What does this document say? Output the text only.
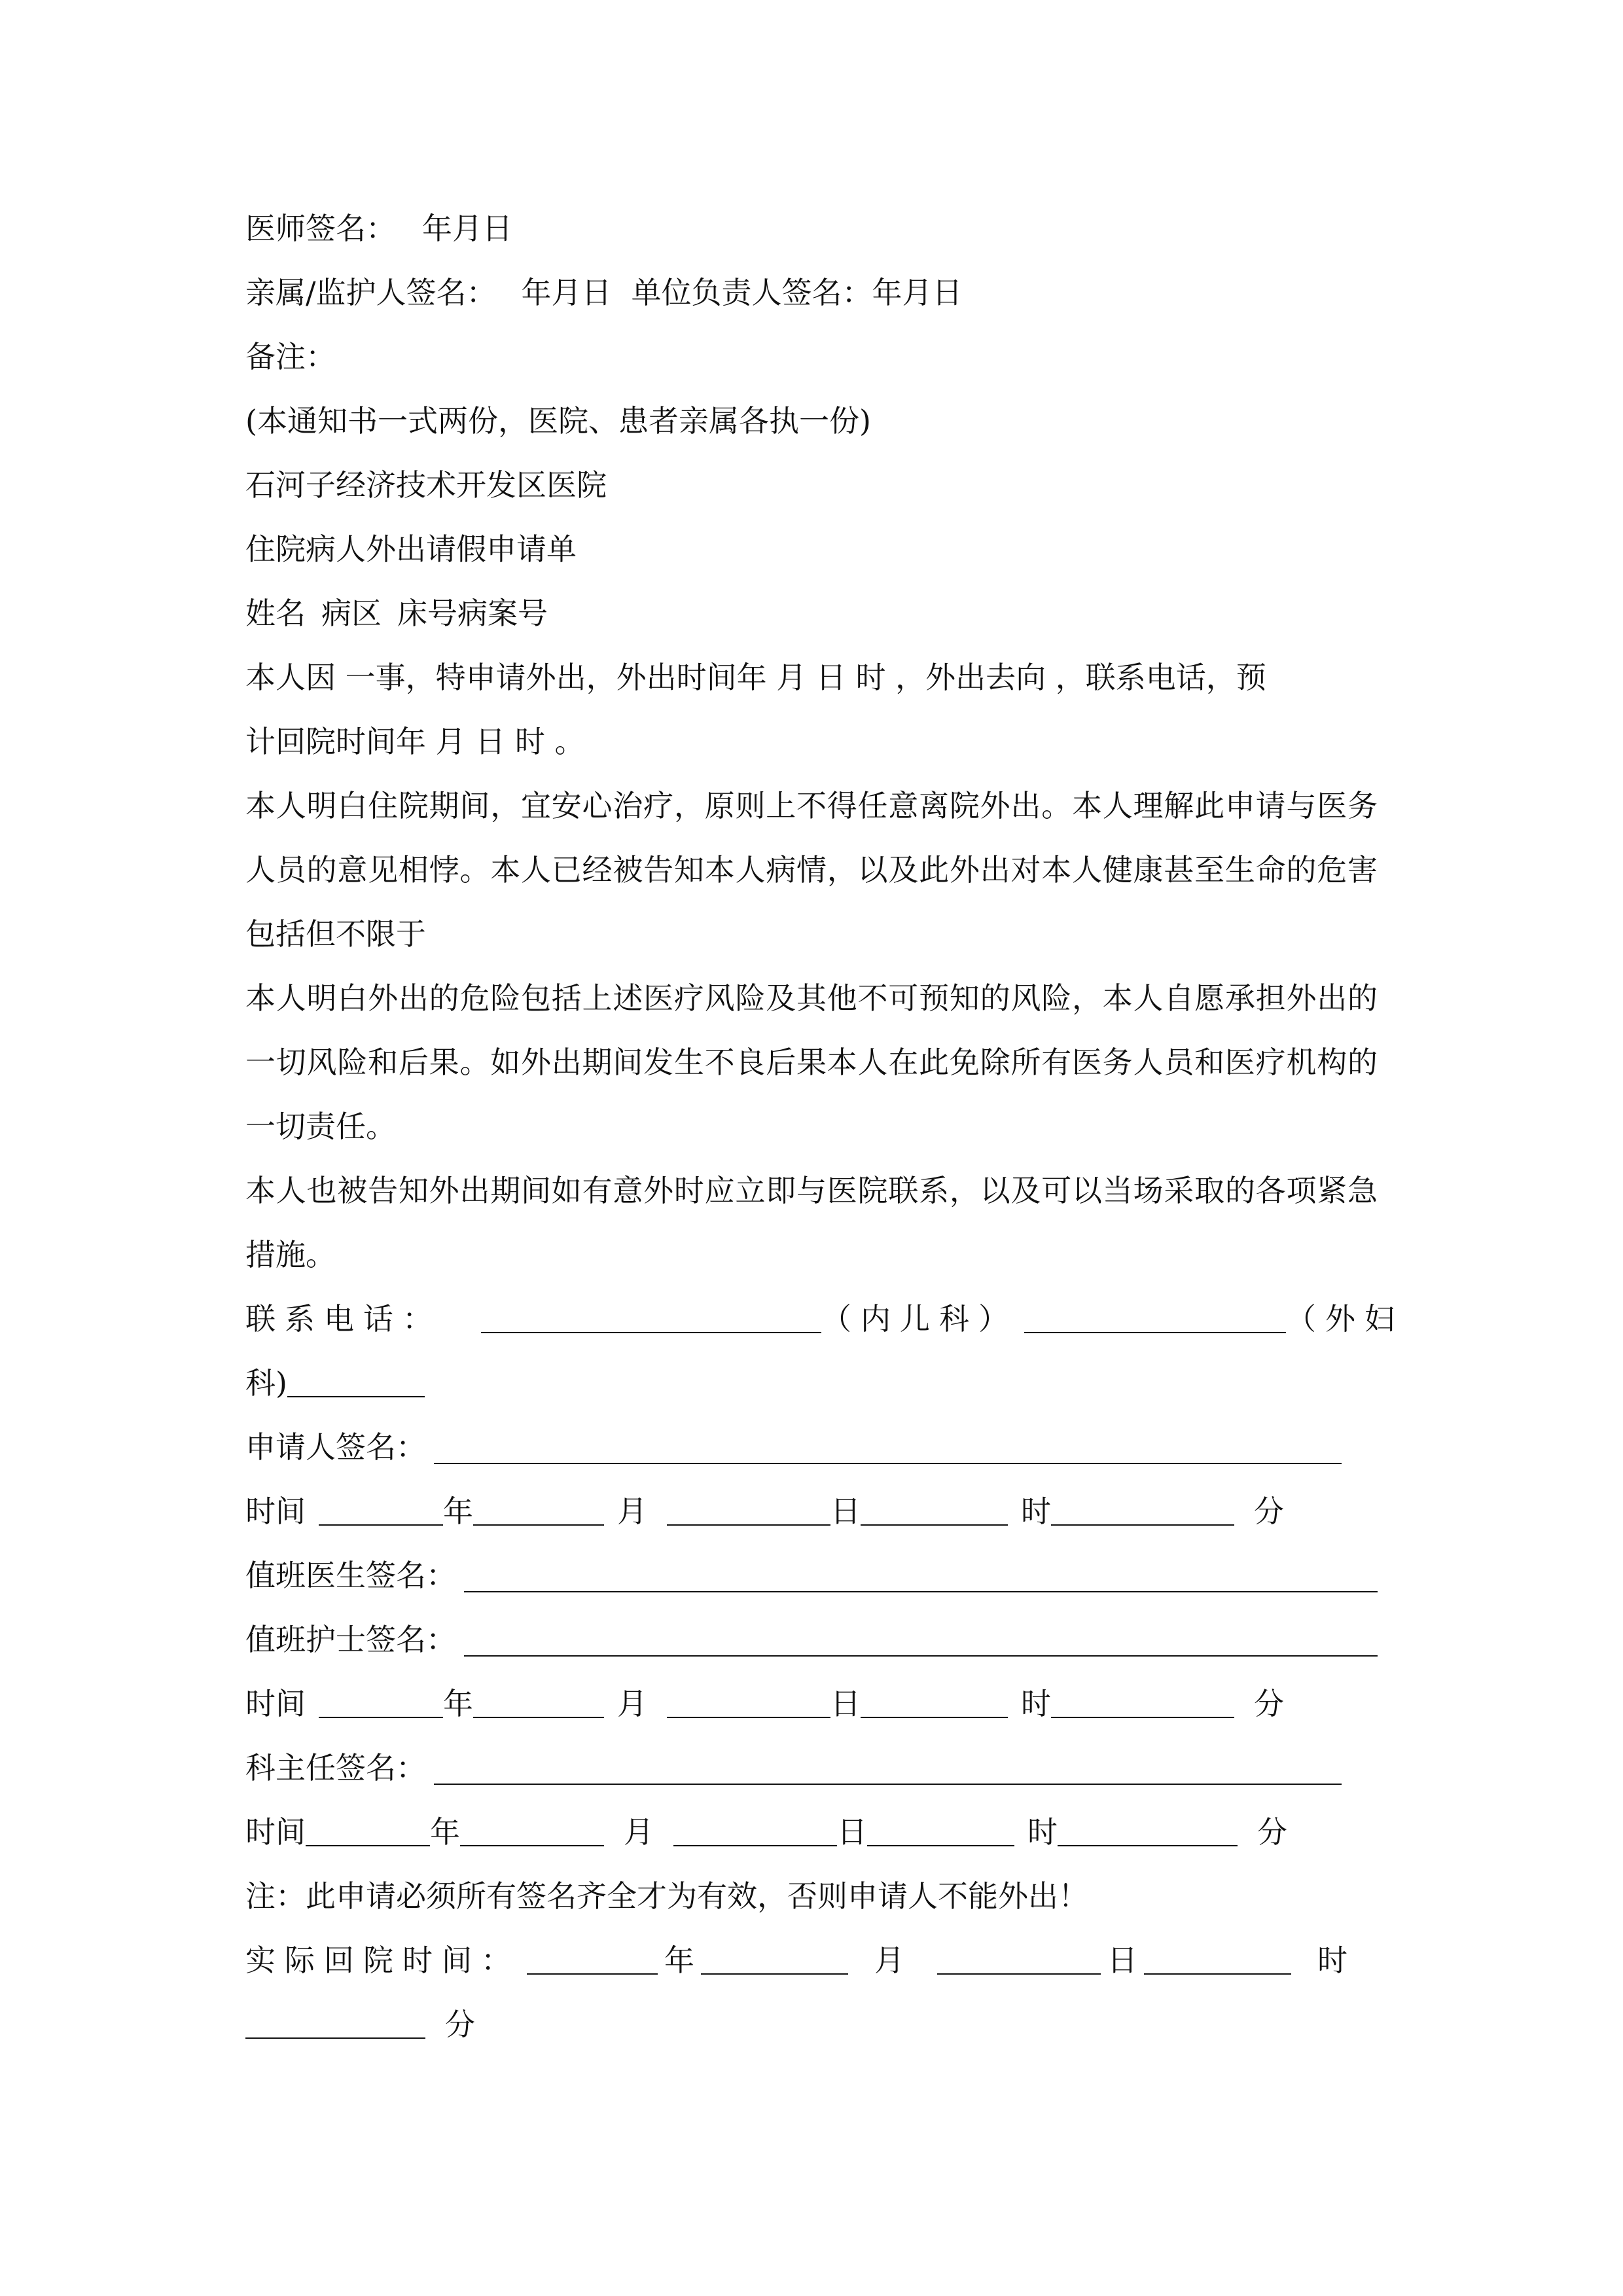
医师签名： 年月日

亲属/监护人签名： 年月日 单位负责人签名：年月日

备注：

(本通知书一式两份，医院、患者亲属各执一份)

石河子经济技术开发区医院

住院病人外出请假申请单

姓名 病区 床号病案号

本人因 一事，特申请外出，外出时间年 月 日 时 ，外出去向 ，联系电话，预

计回院时间年 月 日 时 。

本人明白住院期间，宜安心治疗，原则上不得任意离院外出。本人理解此申请与医务人员的意见相悖。本人已经被告知本人病情，以及此外出对本人健康甚至生命的危害包括但不限于

本人明白外出的危险包括上述医疗风险及其他不可预知的风险，本人自愿承担外出的一切风险和后果。如外出期间发生不良后果本人在此免除所有医务人员和医疗机构的一切责任。

本人也被告知外出期间如有意外时应立即与医院联系，以及可以当场采取的各项紧急措施。

联系电话：	（内儿科）	（外妇

科)

申请人签名：

时间	年	月	日	时	分

值班医生签名：
值班护士签名：

时间	年	月	日	时	分

科主任签名：

时间	年	月	日	时	分

注：此申请必须所有签名齐全才为有效，否则申请人不能外出！

实际回院时间：	年	月	日	时

分
